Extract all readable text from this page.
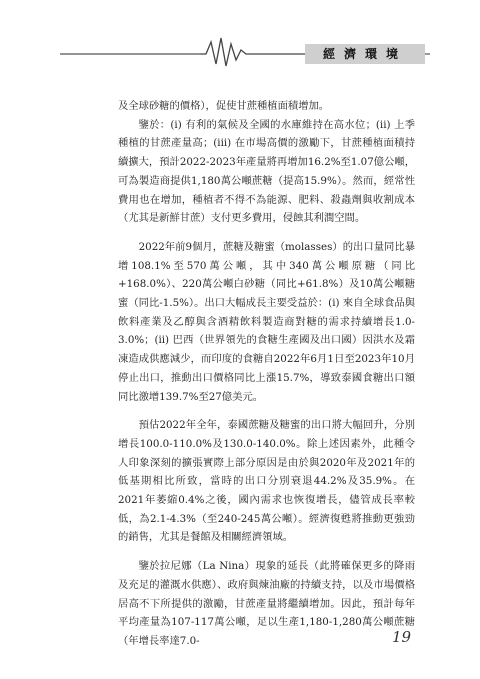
經濟環境

及全球砂糖的價格），促使甘蔗種植面積增加。

鑒於：(i) 有利的氣候及全國的水庫維持在高水位；(ii) 上季種植的甘蔗產量高；(iii) 在市場高價的激勵下，甘蔗種植面積持續擴大，預計2022-2023年產量將再增加16.2%至1.07億公噸，可為製造商提供1,180萬公噸蔗糖（提高15.9%）。然而，經常性費用也在增加，種植者不得不為能源、肥料、殺蟲劑與收割成本（尤其是新鮮甘蔗）支付更多費用，侵蝕其利潤空間。

2022年前9個月，蔗糖及糖蜜（molasses）的出口量同比暴增108.1%至570萬公噸，其中340萬公噸原糖（同比+168.0%）、220萬公噸白砂糖（同比+61.8%）及10萬公噸糖蜜（同比-1.5%）。出口大幅成長主要受益於：(i) 來自全球食品與飲料產業及乙醇與含酒精飲料製造商對糖的需求持續增長1.0-3.0%；(ii) 巴西（世界領先的食糖生產國及出口國）因洪水及霜凍造成供應減少，而印度的食糖自2022年6月1日至2023年10月停止出口，推動出口價格同比上漲15.7%，導致泰國食糖出口額同比激增139.7%至27億美元。

預估2022年全年，泰國蔗糖及糖蜜的出口將大幅回升，分別增長100.0-110.0%及130.0-140.0%。除上述因素外，此種令人印象深刻的擴張實際上部分原因是由於與2020年及2021年的低基期相比所致，當時的出口分別衰退44.2%及35.9%。在2021年萎縮0.4%之後，國內需求也恢復增長，儘管成長率較低，為2.1-4.3%（至240-245萬公噸）。經濟復甦將推動更強勁的銷售，尤其是餐館及相關經濟領域。

鑒於拉尼娜（La Nina）現象的延長（此將確保更多的降雨及充足的灌溉水供應）、政府與煉油廠的持續支持，以及市場價格居高不下所提供的激勵，甘蔗產量將繼續增加。因此，預計每年平均產量為107-117萬公噸，足以生產1,180-1,280萬公噸蔗糖（年增長率達7.0-	19
